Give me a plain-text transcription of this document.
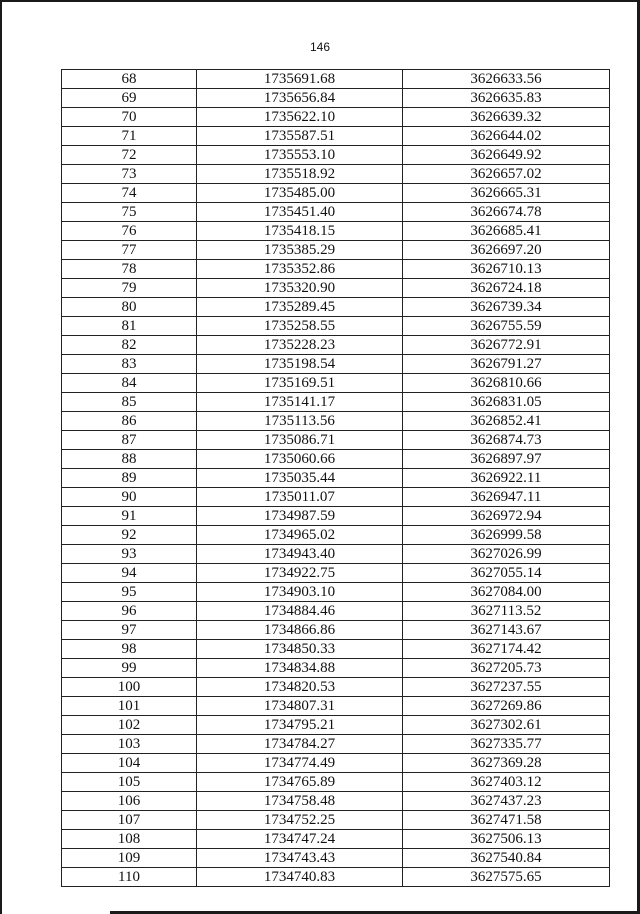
146
68	1735691.68	3626633.56
69	1735656.84	3626635.83
70	1735622.10	3626639.32
71	1735587.51	3626644.02
72	1735553.10	3626649.92
73	1735518.92	3626657.02
74	1735485.00	3626665.31
75	1735451.40	3626674.78
76	1735418.15	3626685.41
77	1735385.29	3626697.20
78	1735352.86	3626710.13
79	1735320.90	3626724.18
80	1735289.45	3626739.34
81	1735258.55	3626755.59
82	1735228.23	3626772.91
83	1735198.54	3626791.27
84	1735169.51	3626810.66
85	1735141.17	3626831.05
86	1735113.56	3626852.41
87	1735086.71	3626874.73
88	1735060.66	3626897.97
89	1735035.44	3626922.11
90	1735011.07	3626947.11
91	1734987.59	3626972.94
92	1734965.02	3626999.58
93	1734943.40	3627026.99
94	1734922.75	3627055.14
95	1734903.10	3627084.00
96	1734884.46	3627113.52
97	1734866.86	3627143.67
98	1734850.33	3627174.42
99	1734834.88	3627205.73
100	1734820.53	3627237.55
101	1734807.31	3627269.86
102	1734795.21	3627302.61
103	1734784.27	3627335.77
104	1734774.49	3627369.28
105	1734765.89	3627403.12
106	1734758.48	3627437.23
107	1734752.25	3627471.58
108	1734747.24	3627506.13
109	1734743.43	3627540.84
110	1734740.83	3627575.65
